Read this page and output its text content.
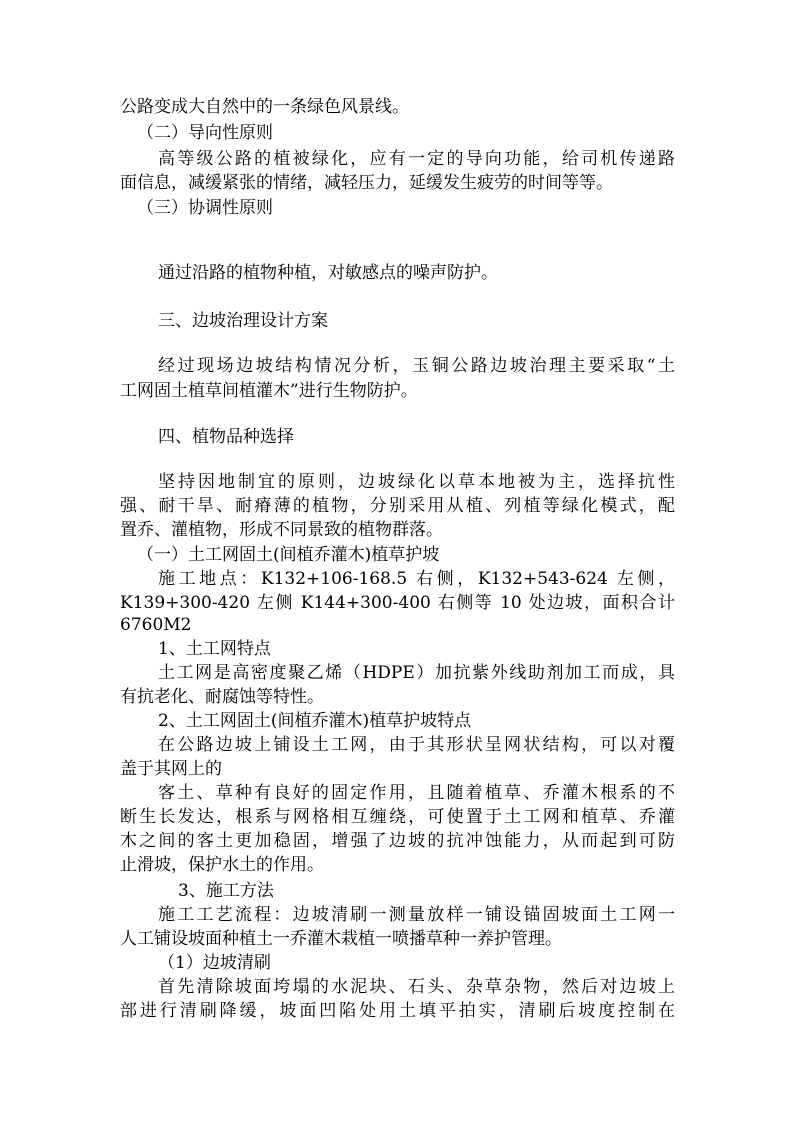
公路变成大自然中的一条绿色风景线。
（二）导向性原则
高等级公路的植被绿化，应有一定的导向功能，给司机传递路
面信息，减缓紧张的情绪，减轻压力，延缓发生疲劳的时间等等。
（三）协调性原则
通过沿路的植物种植，对敏感点的噪声防护。
三、边坡治理设计方案
经过现场边坡结构情况分析，玉铜公路边坡治理主要采取“土
工网固土植草间植灌木”进行生物防护。
四、植物品种选择
坚持因地制宜的原则，边坡绿化以草本地被为主，选择抗性
强、耐干旱、耐瘠薄的植物，分别采用从植、列植等绿化模式，配
置乔、灌植物，形成不同景致的植物群落。
（一）土工网固土(间植乔灌木)植草护坡
施工地点：K132+106-168.5 右侧，K132+543-624 左侧，
K139+300-420 左侧 K144+300-400 右侧等 10 处边坡，面积合计
6760M2
1、土工网特点
土工网是高密度聚乙烯（HDPE）加抗紫外线助剂加工而成，具
有抗老化、耐腐蚀等特性。
2、土工网固土(间植乔灌木)植草护坡特点
在公路边坡上铺设土工网，由于其形状呈网状结构，可以对覆
盖于其网上的
客土、草种有良好的固定作用，且随着植草、乔灌木根系的不
断生长发达，根系与网格相互缠绕，可使置于土工网和植草、乔灌
木之间的客土更加稳固，增强了边坡的抗冲蚀能力，从而起到可防
止滑坡，保护水土的作用。
3、施工方法
施工工艺流程：边坡清刷一测量放样一铺设锚固坡面土工网一
人工铺设坡面种植土一乔灌木栽植一喷播草种一养护管理。
（1）边坡清刷
首先清除坡面垮塌的水泥块、石头、杂草杂物，然后对边坡上
部进行清刷降缓，坡面凹陷处用土填平拍实，清刷后坡度控制在
